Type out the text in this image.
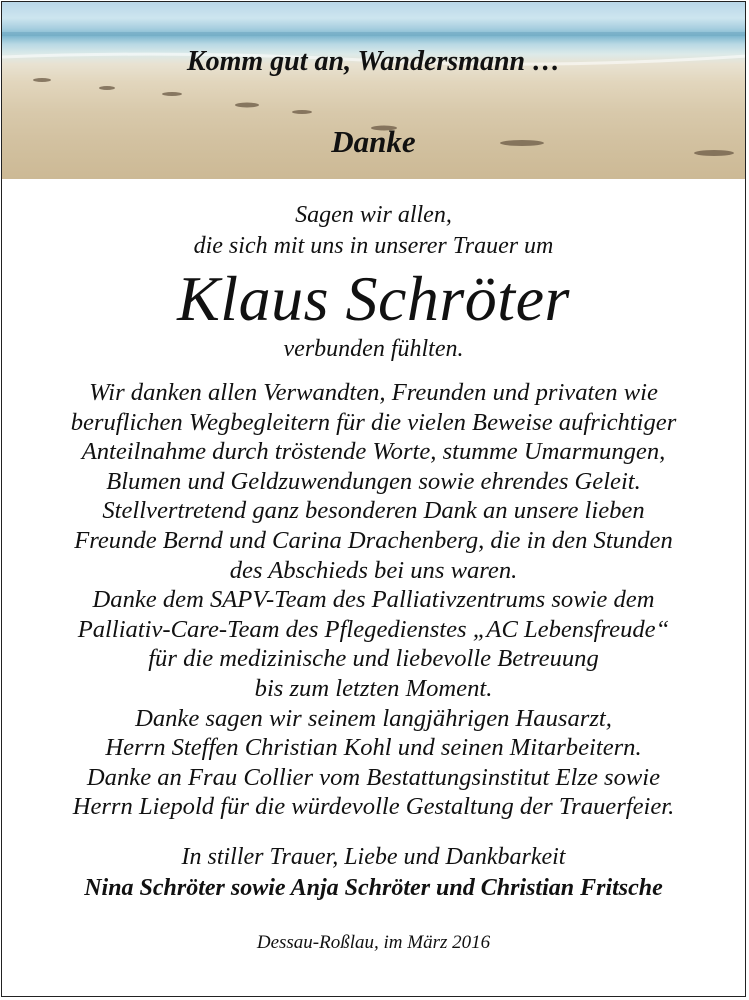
Komm gut an, Wandersmann …
Danke
Sagen wir allen,
die sich mit uns in unserer Trauer um
Klaus Schröter
verbunden fühlten.
Wir danken allen Verwandten, Freunden und privaten wie
beruflichen Wegbegleitern für die vielen Beweise aufrichtiger
Anteilnahme durch tröstende Worte, stumme Umarmungen,
Blumen und Geldzuwendungen sowie ehrendes Geleit.
Stellvertretend ganz besonderen Dank an unsere lieben
Freunde Bernd und Carina Drachenberg, die in den Stunden
des Abschieds bei uns waren.
Danke dem SAPV-Team des Palliativzentrums sowie dem
Palliativ-Care-Team des Pflegedienstes „AC Lebensfreude“
für die medizinische und liebevolle Betreuung
bis zum letzten Moment.
Danke sagen wir seinem langjährigen Hausarzt,
Herrn Steffen Christian Kohl und seinen Mitarbeitern.
Danke an Frau Collier vom Bestattungsinstitut Elze sowie
Herrn Liepold für die würdevolle Gestaltung der Trauerfeier.
In stiller Trauer, Liebe und Dankbarkeit
Nina Schröter sowie Anja Schröter und Christian Fritsche
Dessau-Roßlau, im März 2016
